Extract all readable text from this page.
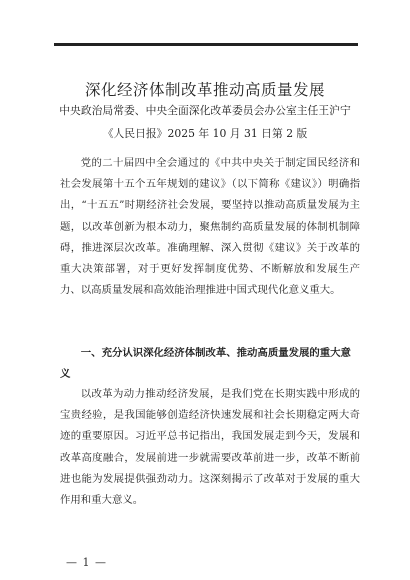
深化经济体制改革推动高质量发展
中央政治局常委、中央全面深化改革委员会办公室主任王沪宁
《人民日报》2025 年 10 月 31 日第 2 版

党的二十届四中全会通过的《中共中央关于制定国民经济和社会发展第十五个五年规划的建议》（以下简称《建议》）明确指出，“十五五”时期经济社会发展，要坚持以推动高质量发展为主题，以改革创新为根本动力，聚焦制约高质量发展的体制机制障碍，推进深层次改革。准确理解、深入贯彻《建议》关于改革的重大决策部署，对于更好发挥制度优势、不断解放和发展生产力、以高质量发展和高效能治理推进中国式现代化意义重大。

一、充分认识深化经济体制改革、推动高质量发展的重大意义

以改革为动力推动经济发展，是我们党在长期实践中形成的宝贵经验，是我国能够创造经济快速发展和社会长期稳定两大奇迹的重要原因。习近平总书记指出，我国发展走到今天，发展和改革高度融合，发展前进一步就需要改革前进一步，改革不断前进也能为发展提供强劲动力。这深刻揭示了改革对于发展的重大作用和重大意义。

— 1 —
